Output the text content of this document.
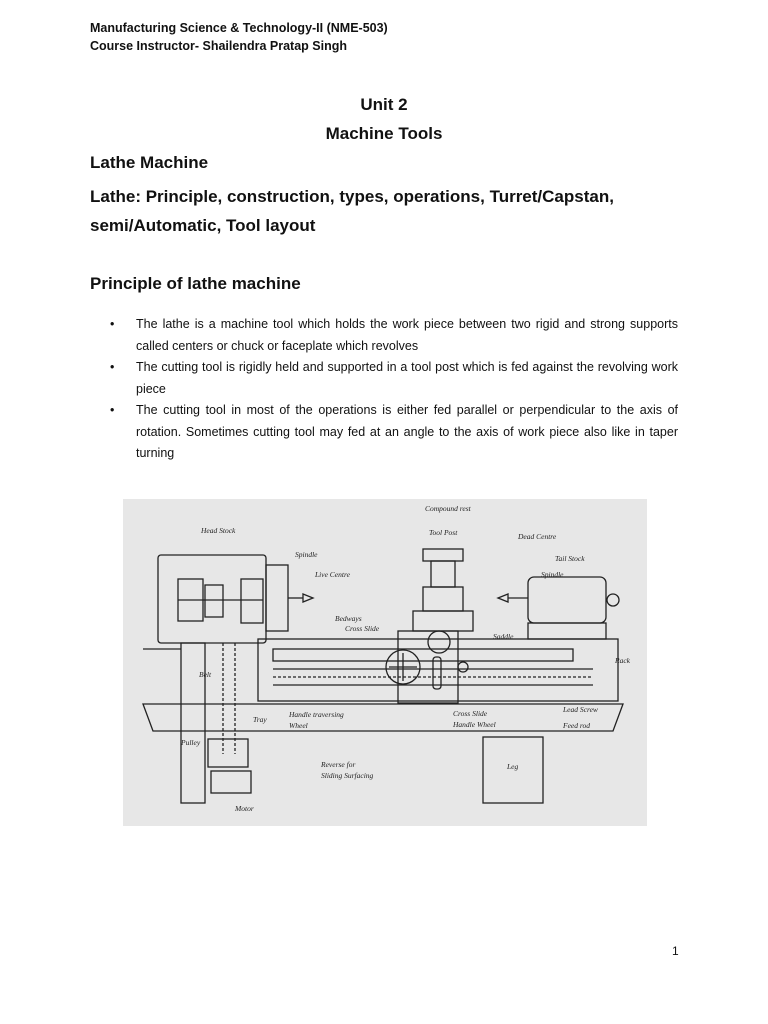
Manufacturing Science & Technology-II (NME-503)
Course Instructor- Shailendra Pratap Singh
Unit 2
Machine Tools
Lathe Machine
Lathe: Principle, construction, types, operations, Turret/Capstan, semi/Automatic, Tool layout
Principle of lathe machine
• The lathe is a machine tool which holds the work piece between two rigid and strong supports called centers or chuck or faceplate which revolves
• The cutting tool is rigidly held and supported in a tool post which is fed against the revolving work piece
• The cutting tool in most of the operations is either fed parallel or perpendicular to the axis of rotation. Sometimes cutting tool may fed at an angle to the axis of work piece also like in taper turning
Head Stock
Spindle
Live Centre
Compound rest
Tool Post	Dead Centre
Tail Stock
Spindle
Bedways
Cross Slide
Saddle
Rack
Belt
Tray
Handle traversing
Wheel
Cross Slide
Handle Wheel
Lead Screw
Feed rod
Pulley
Reverse for
Sliding Surfacing
Leg
Motor
1
